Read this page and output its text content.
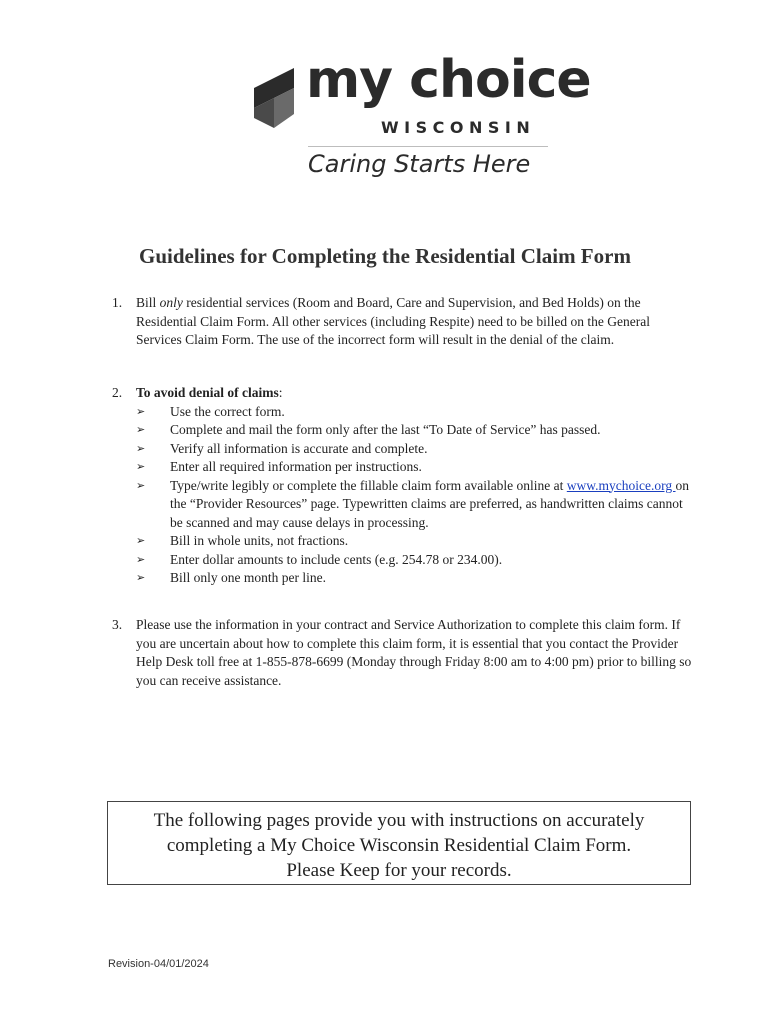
my choice
WISCONSIN
Caring Starts Here
Guidelines for Completing the Residential Claim Form
1. Bill only residential services (Room and Board, Care and Supervision, and Bed Holds) on the Residential Claim Form. All other services (including Respite) need to be billed on the General Services Claim Form. The use of the incorrect form will result in the denial of the claim.
2. To avoid denial of claims:
➢ Use the correct form.
➢ Complete and mail the form only after the last “To Date of Service” has passed.
➢ Verify all information is accurate and complete.
➢ Enter all required information per instructions.
➢ Type/write legibly or complete the fillable claim form available online at www.mychoice.org on the “Provider Resources” page. Typewritten claims are preferred, as handwritten claims cannot be scanned and may cause delays in processing.
➢ Bill in whole units, not fractions.
➢ Enter dollar amounts to include cents (e.g. 254.78 or 234.00).
➢ Bill only one month per line.
3. Please use the information in your contract and Service Authorization to complete this claim form. If you are uncertain about how to complete this claim form, it is essential that you contact the Provider Help Desk toll free at 1-855-878-6699 (Monday through Friday 8:00 am to 4:00 pm) prior to billing so you can receive assistance.
The following pages provide you with instructions on accurately
completing a My Choice Wisconsin Residential Claim Form.
Please Keep for your records.
Revision-04/01/2024
